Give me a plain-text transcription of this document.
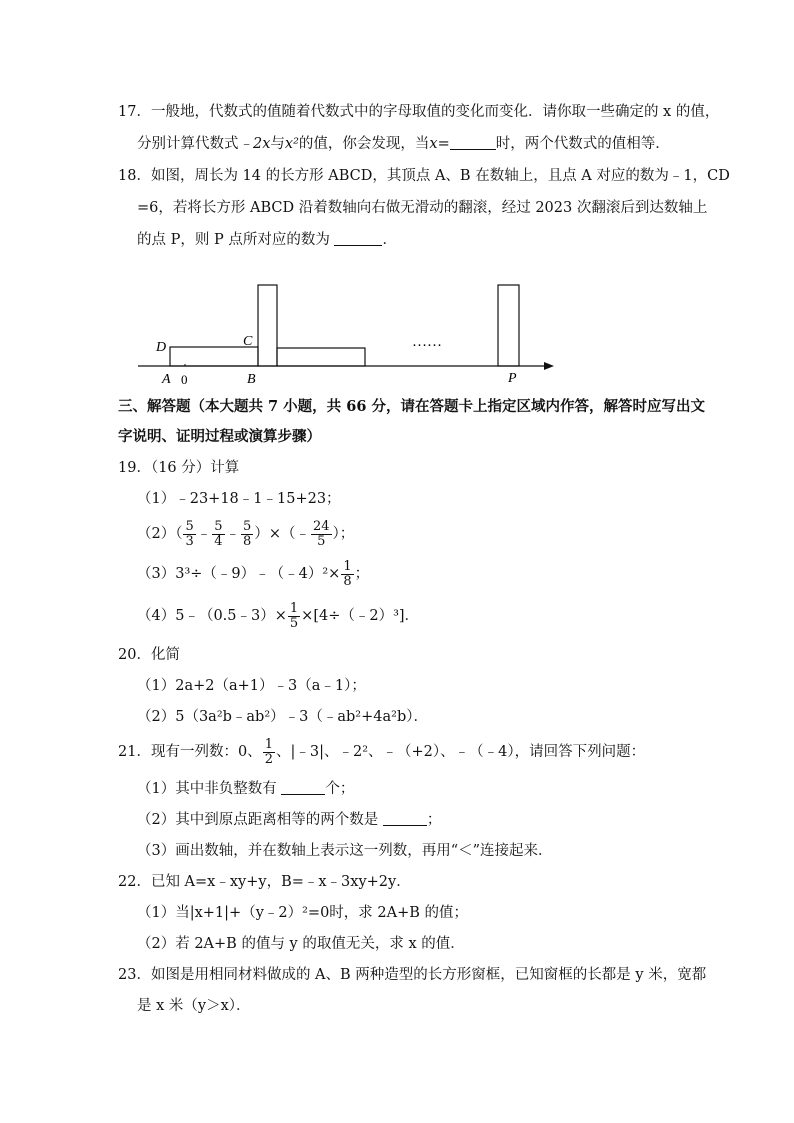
17．一般地，代数式的值随着代数式中的字母取值的变化而变化．请你取一些确定的 x 的值，
分别计算代数式﹣2x与x²的值，你会发现，当x=	时，两个代数式的值相等．
18．如图，周长为 14 的长方形 ABCD，其顶点 A、B 在数轴上，且点 A 对应的数为﹣1，CD
=6，若将长方形 ABCD 沿着数轴向右做无滑动的翻滚，经过 2023 次翻滚后到达数轴上
的点 P，则 P 点所对应的数为	．
D	C
A 0	B	P
……
三、解答题（本大题共 7 小题，共 66 分，请在答题卡上指定区域内作答，解答时应写出文
字说明、证明过程或演算步骤）
19．（16 分）计算
（1）﹣23+18﹣1﹣15+23；
$(2)( \frac{5}{3}$ ﹣ $\frac{5}{4}$ ﹣ $\frac{5}{8}$ ）×（﹣ $\frac{24}{5}$ ）；
（3）3³÷（﹣9）﹣（﹣4）²× $\frac{1}{8}$ ；
（4）5﹣（0.5﹣3）× $\frac{1}{5}$ ×[4÷（﹣2）³]．
20．化简
（1）2a+2（a+1）﹣3（a﹣1）；
（2）5（3a²b﹣ab²）﹣3（﹣ab²+4a²b）．
21．现有一列数：0、 $\frac{1}{2}$ 、|﹣3|、﹣2²、﹣（+2）、﹣（﹣4），请回答下列问题：
（1）其中非负整数有	个；
（2）其中到原点距离相等的两个数是	；
（3）画出数轴，并在数轴上表示这一列数，再用“＜”连接起来．
22．已知 A=x﹣xy+y，B=﹣x﹣3xy+2y．
（1）当|x+1|+（y﹣2）²=0时，求 2A+B 的值；
（2）若 2A+B 的值与 y 的取值无关，求 x 的值．
23．如图是用相同材料做成的 A、B 两种造型的长方形窗框，已知窗框的长都是 y 米，宽都
是 x 米（y＞x）．
